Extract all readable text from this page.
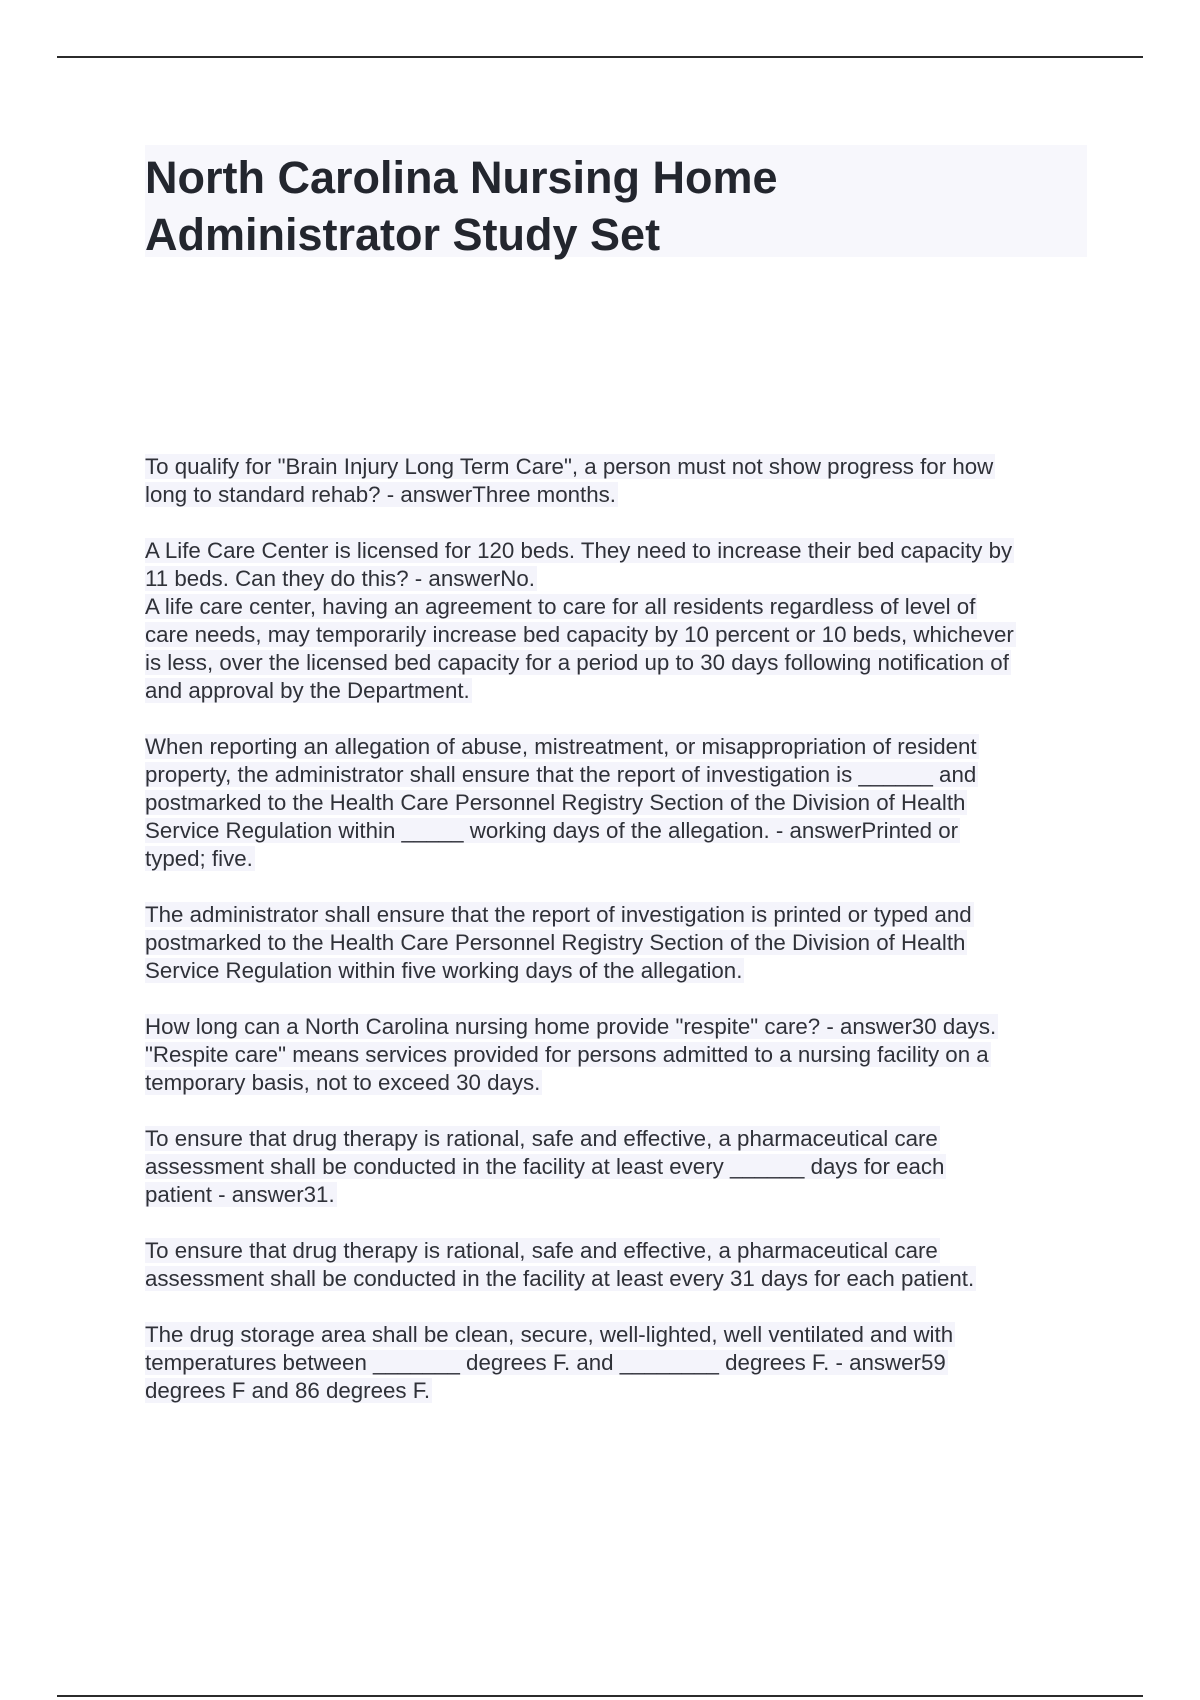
North Carolina Nursing Home
Administrator Study Set

To qualify for "Brain Injury Long Term Care", a person must not show progress for how
long to standard rehab? - answerThree months.

A Life Care Center is licensed for 120 beds. They need to increase their bed capacity by
11 beds. Can they do this? - answerNo.
A life care center, having an agreement to care for all residents regardless of level of
care needs, may temporarily increase bed capacity by 10 percent or 10 beds, whichever
is less, over the licensed bed capacity for a period up to 30 days following notification of
and approval by the Department.

When reporting an allegation of abuse, mistreatment, or misappropriation of resident
property, the administrator shall ensure that the report of investigation is ______ and
postmarked to the Health Care Personnel Registry Section of the Division of Health
Service Regulation within _____ working days of the allegation. - answerPrinted or
typed; five.

The administrator shall ensure that the report of investigation is printed or typed and
postmarked to the Health Care Personnel Registry Section of the Division of Health
Service Regulation within five working days of the allegation.

How long can a North Carolina nursing home provide "respite" care? - answer30 days.
"Respite care" means services provided for persons admitted to a nursing facility on a
temporary basis, not to exceed 30 days.

To ensure that drug therapy is rational, safe and effective, a pharmaceutical care
assessment shall be conducted in the facility at least every ______ days for each
patient - answer31.

To ensure that drug therapy is rational, safe and effective, a pharmaceutical care
assessment shall be conducted in the facility at least every 31 days for each patient.

The drug storage area shall be clean, secure, well-lighted, well ventilated and with
temperatures between _______ degrees F. and ________ degrees F. - answer59
degrees F and 86 degrees F.
